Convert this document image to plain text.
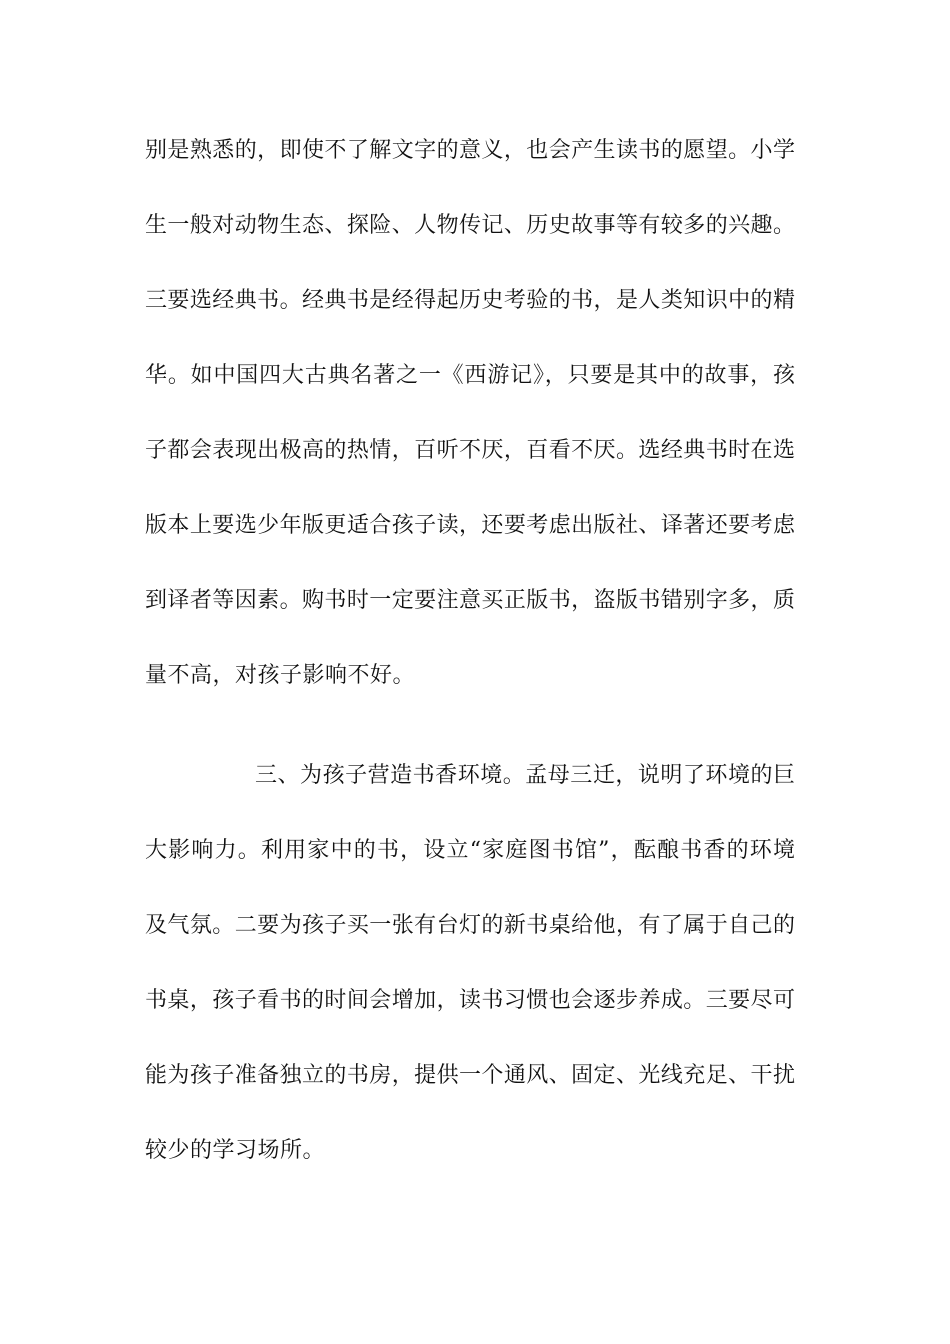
别是熟悉的，即使不了解文字的意义，也会产生读书的愿望。小学
生一般对动物生态、探险、人物传记、历史故事等有较多的兴趣。
三要选经典书。经典书是经得起历史考验的书，是人类知识中的精
华。如中国四大古典名著之一《西游记》，只要是其中的故事，孩
子都会表现出极高的热情，百听不厌，百看不厌。选经典书时在选
版本上要选少年版更适合孩子读，还要考虑出版社、译著还要考虑
到译者等因素。购书时一定要注意买正版书，盗版书错别字多，质
量不高，对孩子影响不好。
三、为孩子营造书香环境。孟母三迁，说明了环境的巨
大影响力。利用家中的书，设立“家庭图书馆”，酝酿书香的环境
及气氛。二要为孩子买一张有台灯的新书桌给他，有了属于自己的
书桌，孩子看书的时间会增加，读书习惯也会逐步养成。三要尽可
能为孩子准备独立的书房，提供一个通风、固定、光线充足、干扰
较少的学习场所。
